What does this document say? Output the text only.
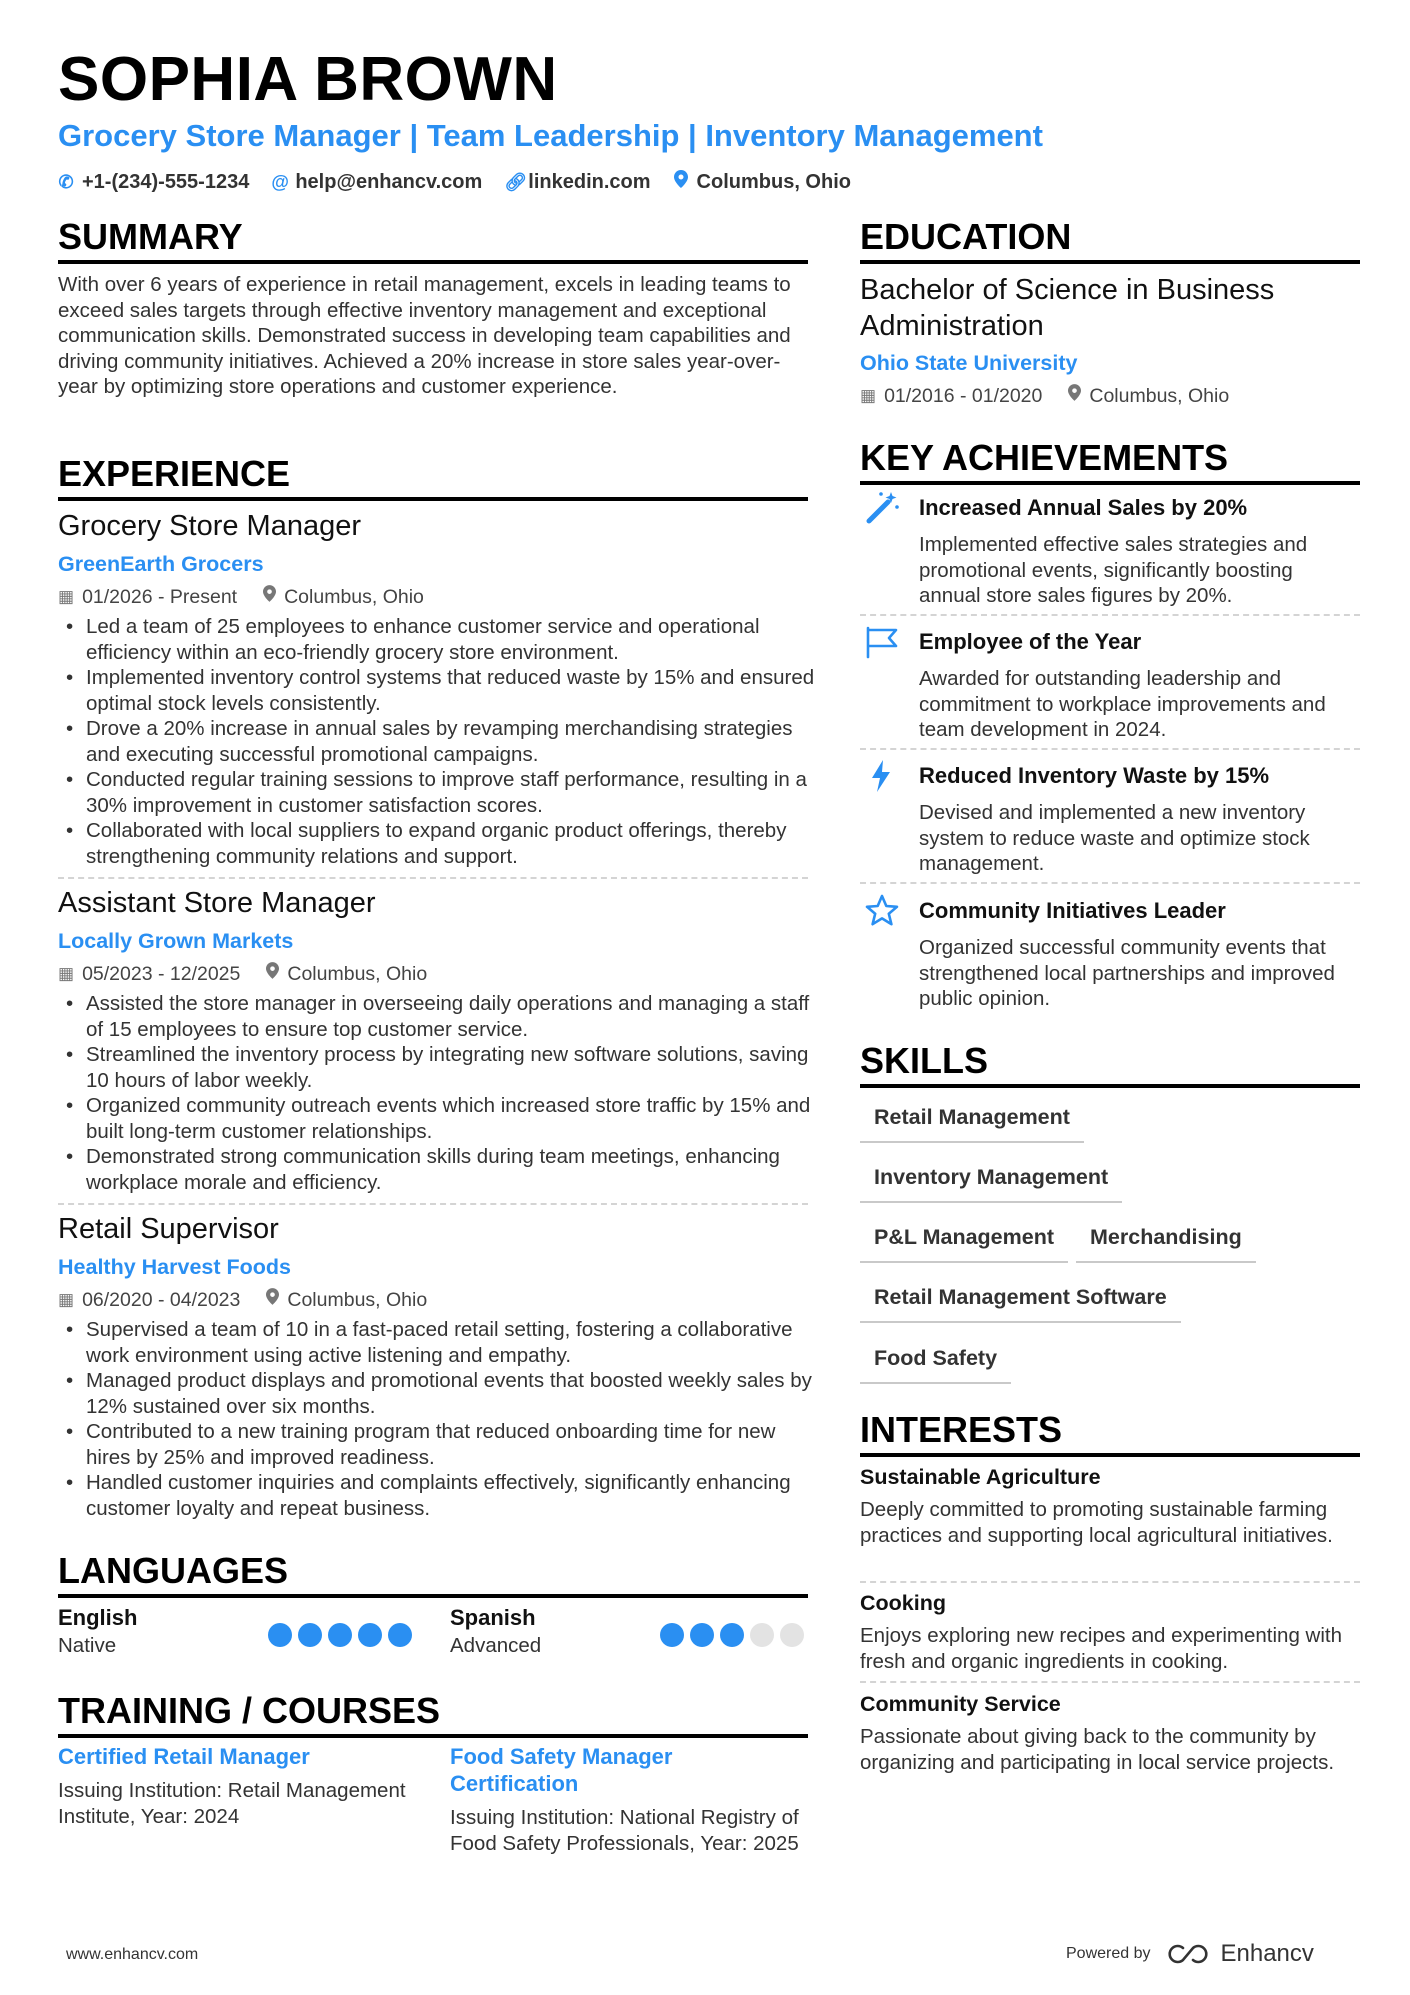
SOPHIA BROWN
Grocery Store Manager | Team Leadership | Inventory Management
✆ +1-(234)-555-1234 @ help@enhancv.com 🔗︎ linkedin.com Columbus, Ohio
SUMMARY
With over 6 years of experience in retail management, excels in leading teams to exceed sales targets through effective inventory management and exceptional communication skills. Demonstrated success in developing team capabilities and driving community initiatives. Achieved a 20% increase in store sales year-over-year by optimizing store operations and customer experience.
EXPERIENCE
Grocery Store Manager
GreenEarth Grocers
▦ 01/2026 - Present Columbus, Ohio
• Led a team of 25 employees to enhance customer service and operational efficiency within an eco-friendly grocery store environment.
• Implemented inventory control systems that reduced waste by 15% and ensured optimal stock levels consistently.
• Drove a 20% increase in annual sales by revamping merchandising strategies and executing successful promotional campaigns.
• Conducted regular training sessions to improve staff performance, resulting in a 30% improvement in customer satisfaction scores.
• Collaborated with local suppliers to expand organic product offerings, thereby strengthening community relations and support.
Assistant Store Manager
Locally Grown Markets
▦ 05/2023 - 12/2025 Columbus, Ohio
• Assisted the store manager in overseeing daily operations and managing a staff of 15 employees to ensure top customer service.
• Streamlined the inventory process by integrating new software solutions, saving 10 hours of labor weekly.
• Organized community outreach events which increased store traffic by 15% and built long-term customer relationships.
• Demonstrated strong communication skills during team meetings, enhancing workplace morale and efficiency.
Retail Supervisor
Healthy Harvest Foods
▦ 06/2020 - 04/2023 Columbus, Ohio
• Supervised a team of 10 in a fast-paced retail setting, fostering a collaborative work environment using active listening and empathy.
• Managed product displays and promotional events that boosted weekly sales by 12% sustained over six months.
• Contributed to a new training program that reduced onboarding time for new hires by 25% and improved readiness.
• Handled customer inquiries and complaints effectively, significantly enhancing customer loyalty and repeat business.
LANGUAGES
English
Native
Spanish
Advanced
TRAINING / COURSES
Certified Retail Manager
Issuing Institution: Retail Management Institute, Year: 2024
Food Safety Manager Certification
Issuing Institution: National Registry of Food Safety Professionals, Year: 2025
EDUCATION
Bachelor of Science in Business Administration
Ohio State University
▦ 01/2016 - 01/2020 Columbus, Ohio
KEY ACHIEVEMENTS
Increased Annual Sales by 20%
Implemented effective sales strategies and promotional events, significantly boosting annual store sales figures by 20%.
Employee of the Year
Awarded for outstanding leadership and commitment to workplace improvements and team development in 2024.
Reduced Inventory Waste by 15%
Devised and implemented a new inventory system to reduce waste and optimize stock management.
Community Initiatives Leader
Organized successful community events that strengthened local partnerships and improved public opinion.
SKILLS
Retail Management
Inventory Management
P&L Management	Merchandising
Retail Management Software
Food Safety
INTERESTS
Sustainable Agriculture
Deeply committed to promoting sustainable farming practices and supporting local agricultural initiatives.
Cooking
Enjoys exploring new recipes and experimenting with fresh and organic ingredients in cooking.
Community Service
Passionate about giving back to the community by organizing and participating in local service projects.
www.enhancv.com	Powered by	Enhancv
